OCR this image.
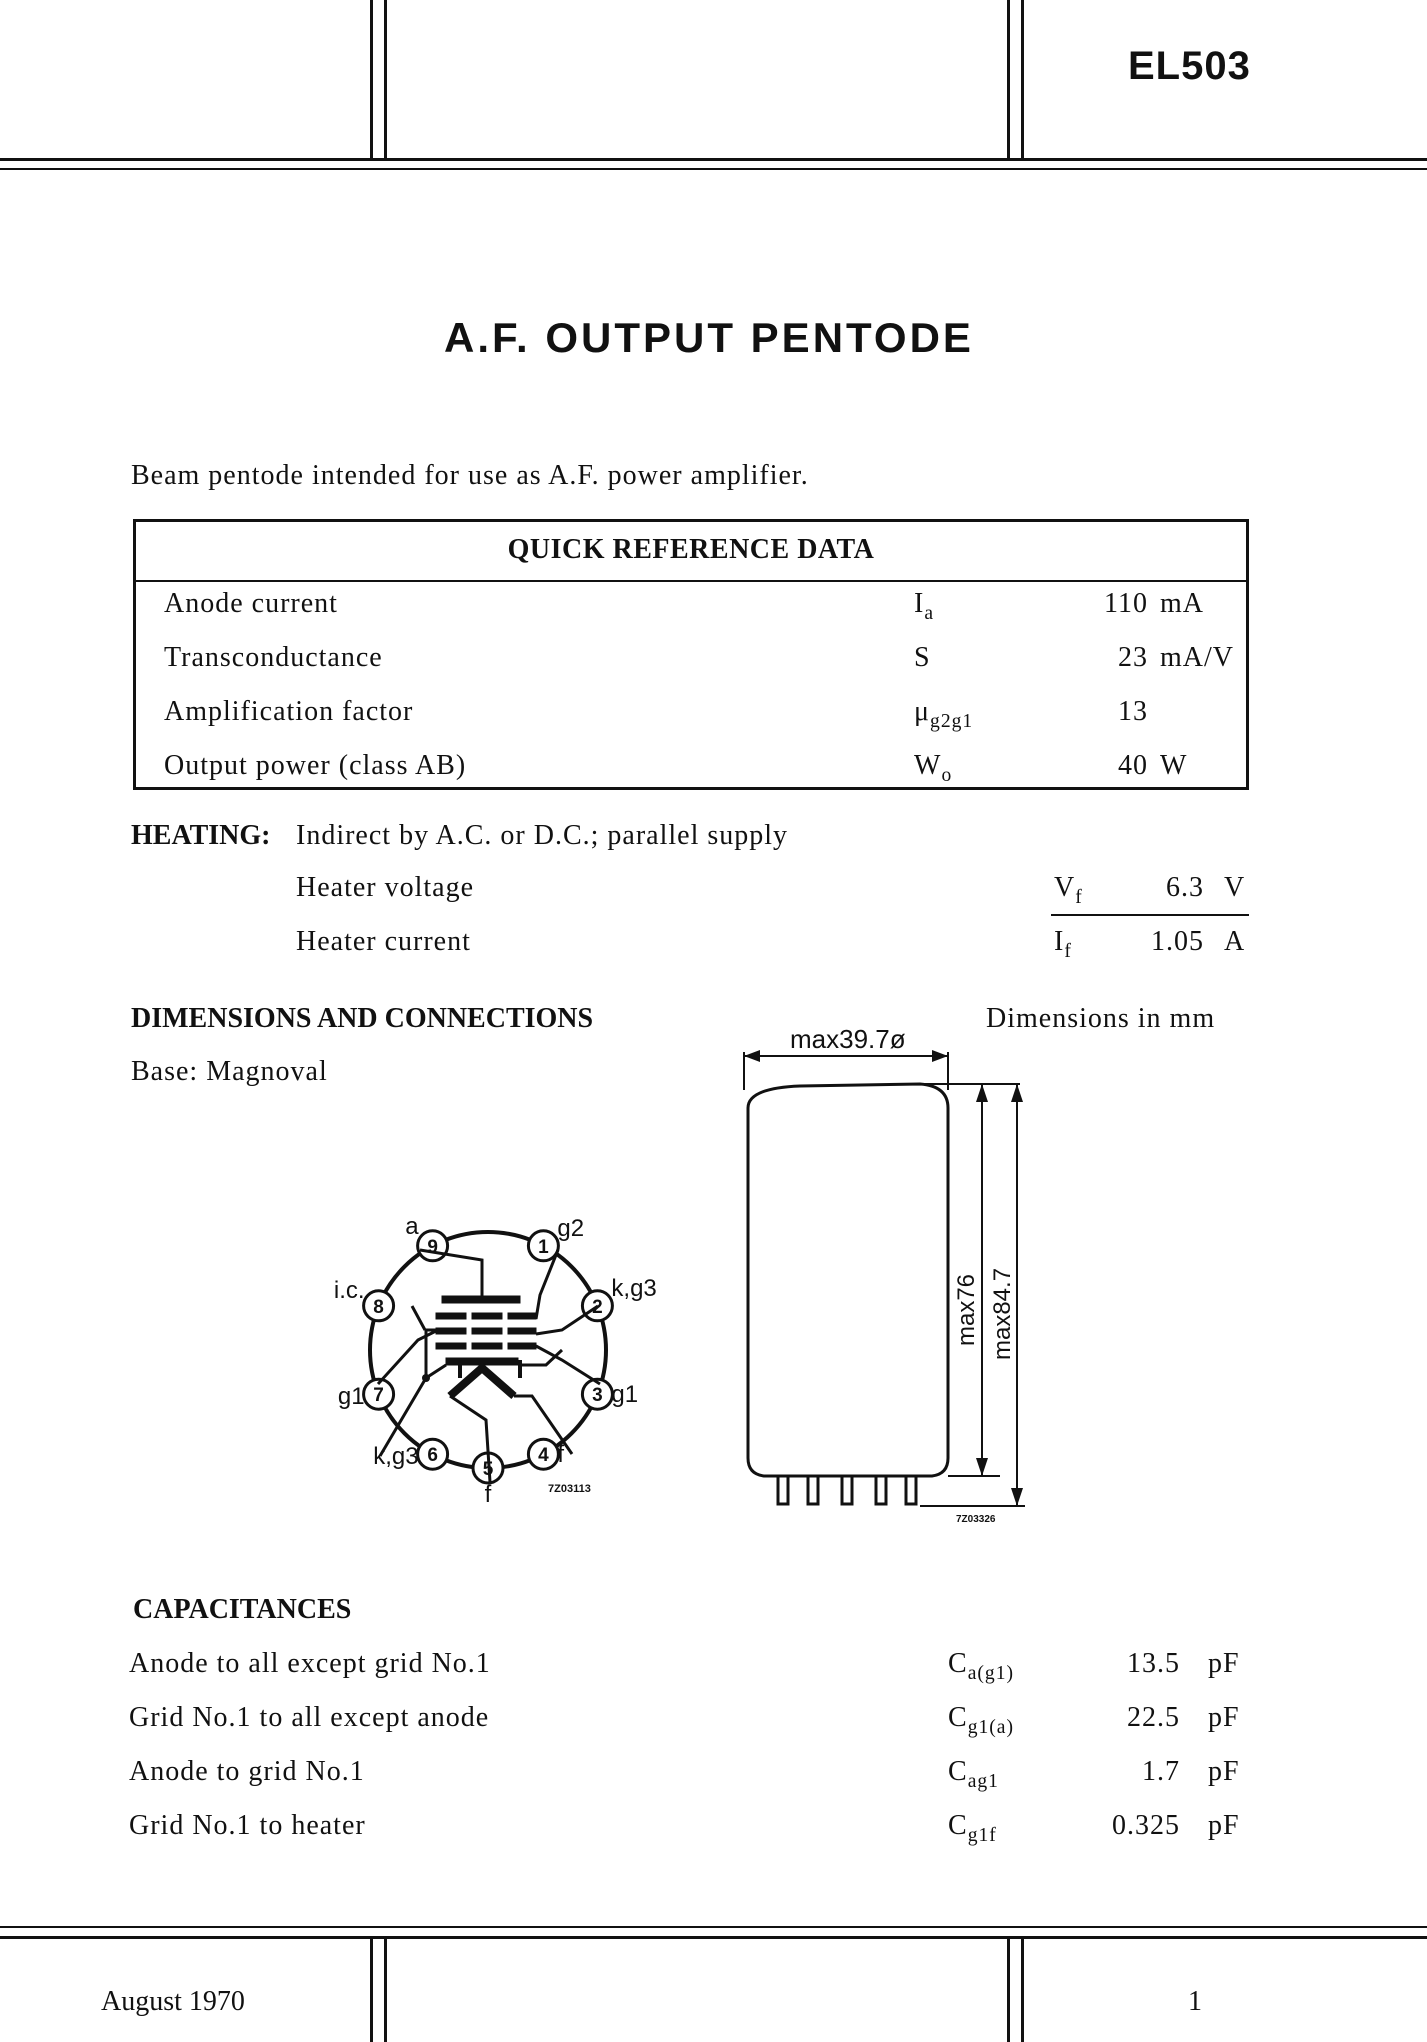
EL503
A.F. OUTPUT PENTODE
Beam pentode intended for use as A.F. power amplifier.
QUICK REFERENCE DATA
Anode current	$I_a$	110 mA
Transconductance	S	23 mA/V
Amplification factor	$\mu_{g2g1}$	13
Output power (class AB)	$W_o$	40 W
HEATING: Indirect by A.C. or D.C.; parallel supply
Heater voltage	$V_f$	6.3 V
Heater current	$I_f$	1.05 A
DIMENSIONS AND CONNECTIONS	Dimensions in mm
Base: Magnoval
1
g2
2
k,g3
3 g1
4 f
5
f
6
k,g3
7
g1
8
i.c.
9
a
7Z03113
max39.7ø
max76 max84.7
7Z03326
CAPACITANCES
Anode to all except grid No.1	$C_{a(g1)}$	13.5 pF
Grid No.1 to all except anode	$C_{g1(a)}$	22.5 pF
Anode to grid No.1	$C_{ag1}$	1.7 pF
Grid No.1 to heater	$C_{g1f}$	0.325 pF
August 1970	1
